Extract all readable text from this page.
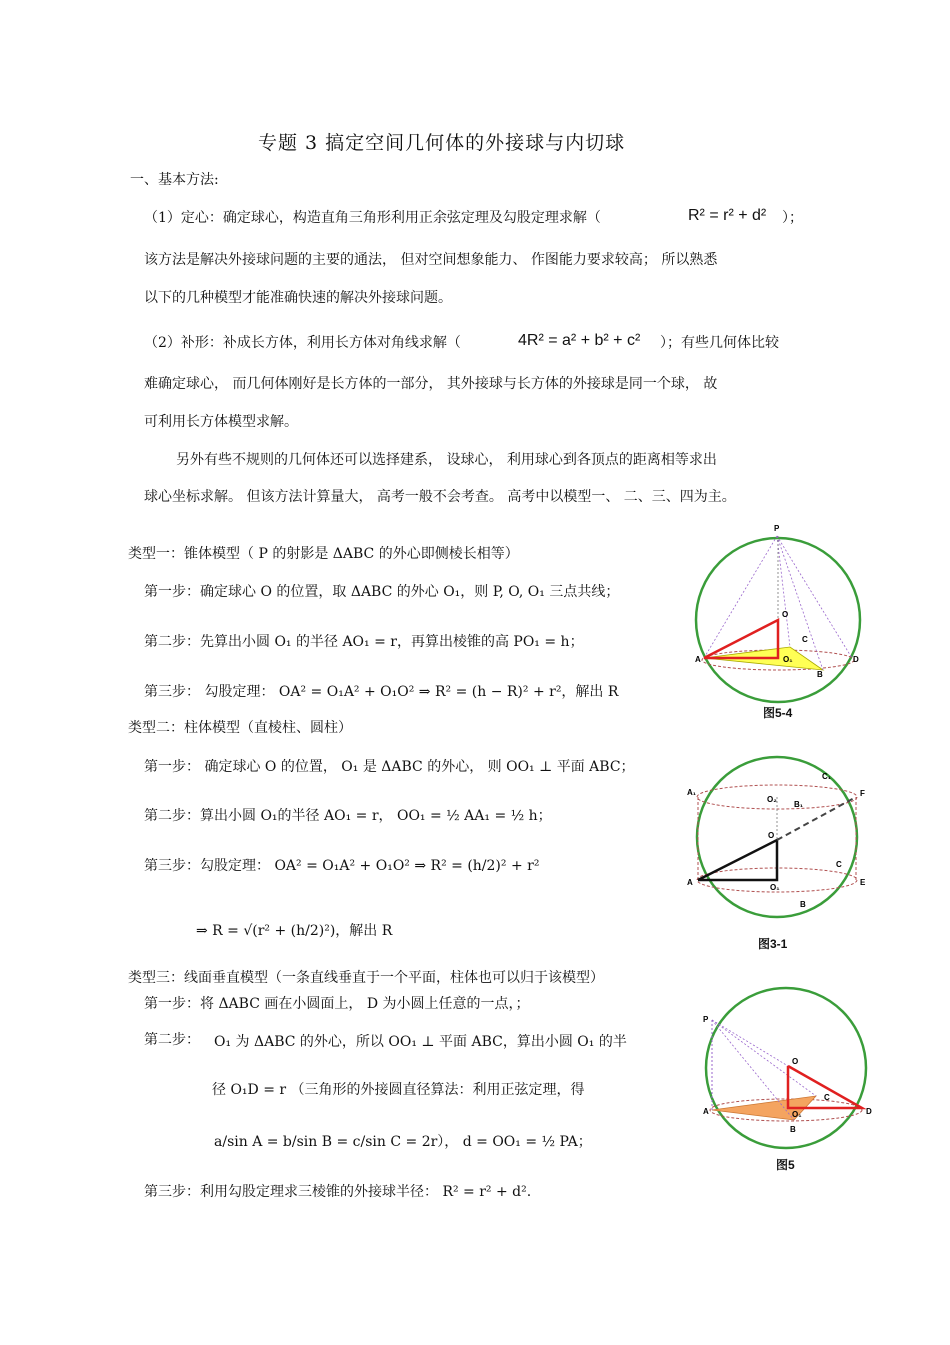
专题 3 搞定空间几何体的外接球与内切球
一、基本方法:
（1）定心：确定球心，构造直角三角形利用正余弦定理及勾股定理求解（	R² = r² + d² ）；
该方法是解决外接球问题的主要的通法， 但对空间想象能力、 作图能力要求较高； 所以熟悉
以下的几种模型才能准确快速的解决外接球问题。
（2）补形：补成长方体，利用长方体对角线求解（	4R² = a² + b² + c² ）；有些几何体比较
难确定球心， 而几何体刚好是长方体的一部分， 其外接球与长方体的外接球是同一个球， 故
可利用长方体模型求解。
另外有些不规则的几何体还可以选择建系， 设球心， 利用球心到各顶点的距离相等求出
球心坐标求解。 但该方法计算量大， 高考一般不会考查。 高考中以模型一、 二、三、四为主。
类型一：锥体模型（ P 的射影是 ΔABC 的外心即侧棱长相等）
第一步：确定球心 O 的位置，取 ΔABC 的外心 O₁，则 P, O, O₁ 三点共线；
第二步：先算出小圆 O₁ 的半径 AO₁ = r，再算出棱锥的高 PO₁ = h；
第三步： 勾股定理： OA² = O₁A² + O₁O² ⇒ R² = (h − R)² + r²，解出 R
类型二：柱体模型（直棱柱、圆柱）
第一步： 确定球心 O 的位置， O₁ 是 ΔABC 的外心， 则 OO₁ ⊥ 平面 ABC；
第二步：算出小圆 O₁的半径 AO₁ = r， OO₁ = ½ AA₁ = ½ h；
第三步：勾股定理： OA² = O₁A² + O₁O² ⇒ R² = (h/2)² + r²
⇒ R = √(r² + (h/2)²)，解出 R
类型三：线面垂直模型（一条直线垂直于一个平面，柱体也可以归于该模型）
第一步：将 ΔABC 画在小圆面上， D 为小圆上任意的一点，；
第二步： O₁ 为 ΔABC 的外心，所以 OO₁ ⊥ 平面 ABC，算出小圆 O₁ 的半
径 O₁D = r （三角形的外接圆直径算法：利用正弦定理，得
a/sin A = b/sin B = c/sin C = 2r）， d = OO₁ = ½ PA；
第三步：利用勾股定理求三棱锥的外接球半径： R² = r² + d².
P
O
A	O₁
C
B
D
图5-4
A₁
O₂
B₁
C₁
F
O
C
A
O₁
E
B
图3-1
P
O
A	O₁
C
B
D
图5
